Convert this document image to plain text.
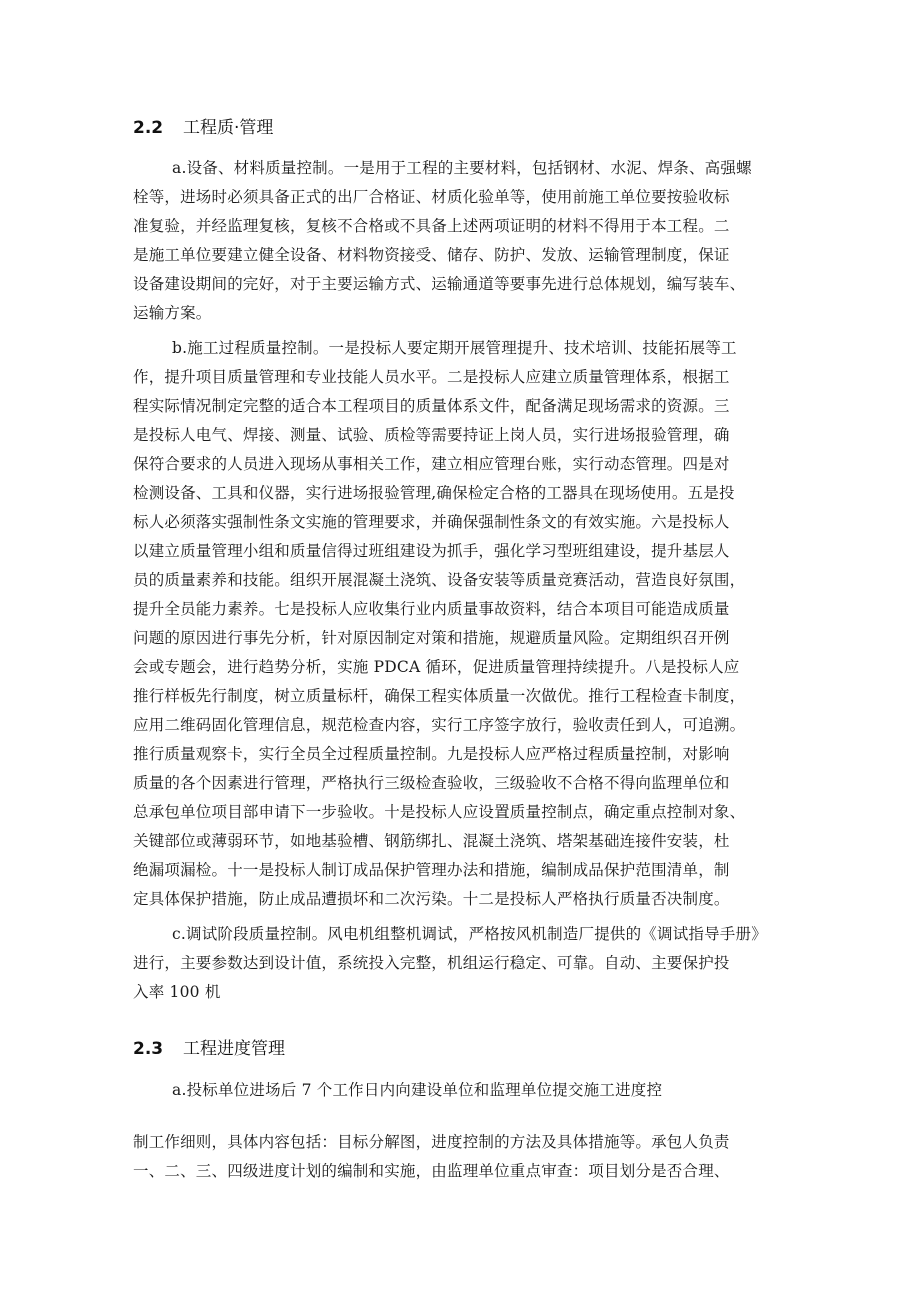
2.2 工程质·管理
a.设备、材料质量控制。一是用于工程的主要材料，包括钢材、水泥、焊条、高强螺
栓等，进场时必须具备正式的出厂合格证、材质化验单等，使用前施工单位要按验收标
准复验，并经监理复核，复核不合格或不具备上述两项证明的材料不得用于本工程。二
是施工单位要建立健全设备、材料物资接受、储存、防护、发放、运输管理制度，保证
设备建设期间的完好，对于主要运输方式、运输通道等要事先进行总体规划，编写装车、
运输方案。
b.施工过程质量控制。一是投标人要定期开展管理提升、技术培训、技能拓展等工
作，提升项目质量管理和专业技能人员水平。二是投标人应建立质量管理体系，根据工
程实际情况制定完整的适合本工程项目的质量体系文件，配备满足现场需求的资源。三
是投标人电气、焊接、测量、试验、质检等需要持证上岗人员，实行进场报验管理，确
保符合要求的人员进入现场从事相关工作，建立相应管理台账，实行动态管理。四是对
检测设备、工具和仪器，实行进场报验管理,确保检定合格的工器具在现场使用。五是投
标人必须落实强制性条文实施的管理要求，并确保强制性条文的有效实施。六是投标人
以建立质量管理小组和质量信得过班组建设为抓手，强化学习型班组建设，提升基层人
员的质量素养和技能。组织开展混凝土浇筑、设备安装等质量竞赛活动，营造良好氛围，
提升全员能力素养。七是投标人应收集行业内质量事故资料，结合本项目可能造成质量
问题的原因进行事先分析，针对原因制定对策和措施，规避质量风险。定期组织召开例
会或专题会，进行趋势分析，实施 PDCA 循环，促进质量管理持续提升。八是投标人应
推行样板先行制度，树立质量标杆，确保工程实体质量一次做优。推行工程检查卡制度，
应用二维码固化管理信息，规范检查内容，实行工序签字放行，验收责任到人，可追溯。
推行质量观察卡，实行全员全过程质量控制。九是投标人应严格过程质量控制，对影响
质量的各个因素进行管理，严格执行三级检查验收，三级验收不合格不得向监理单位和
总承包单位项目部申请下一步验收。十是投标人应设置质量控制点，确定重点控制对象、
关键部位或薄弱环节，如地基验槽、钢筋绑扎、混凝土浇筑、塔架基础连接件安装，杜
绝漏项漏检。十一是投标人制订成品保护管理办法和措施，编制成品保护范围清单，制
定具体保护措施，防止成品遭损坏和二次污染。十二是投标人严格执行质量否决制度。
c.调试阶段质量控制。风电机组整机调试，严格按风机制造厂提供的《调试指导手册》
进行，主要参数达到设计值，系统投入完整，机组运行稳定、可靠。自动、主要保护投
入率 100 机
2.3 工程进度管理
a.投标单位进场后 7 个工作日内向建设单位和监理单位提交施工进度控
制工作细则，具体内容包括：目标分解图，进度控制的方法及具体措施等。承包人负责
一、二、三、四级进度计划的编制和实施，由监理单位重点审查：项目划分是否合理、
